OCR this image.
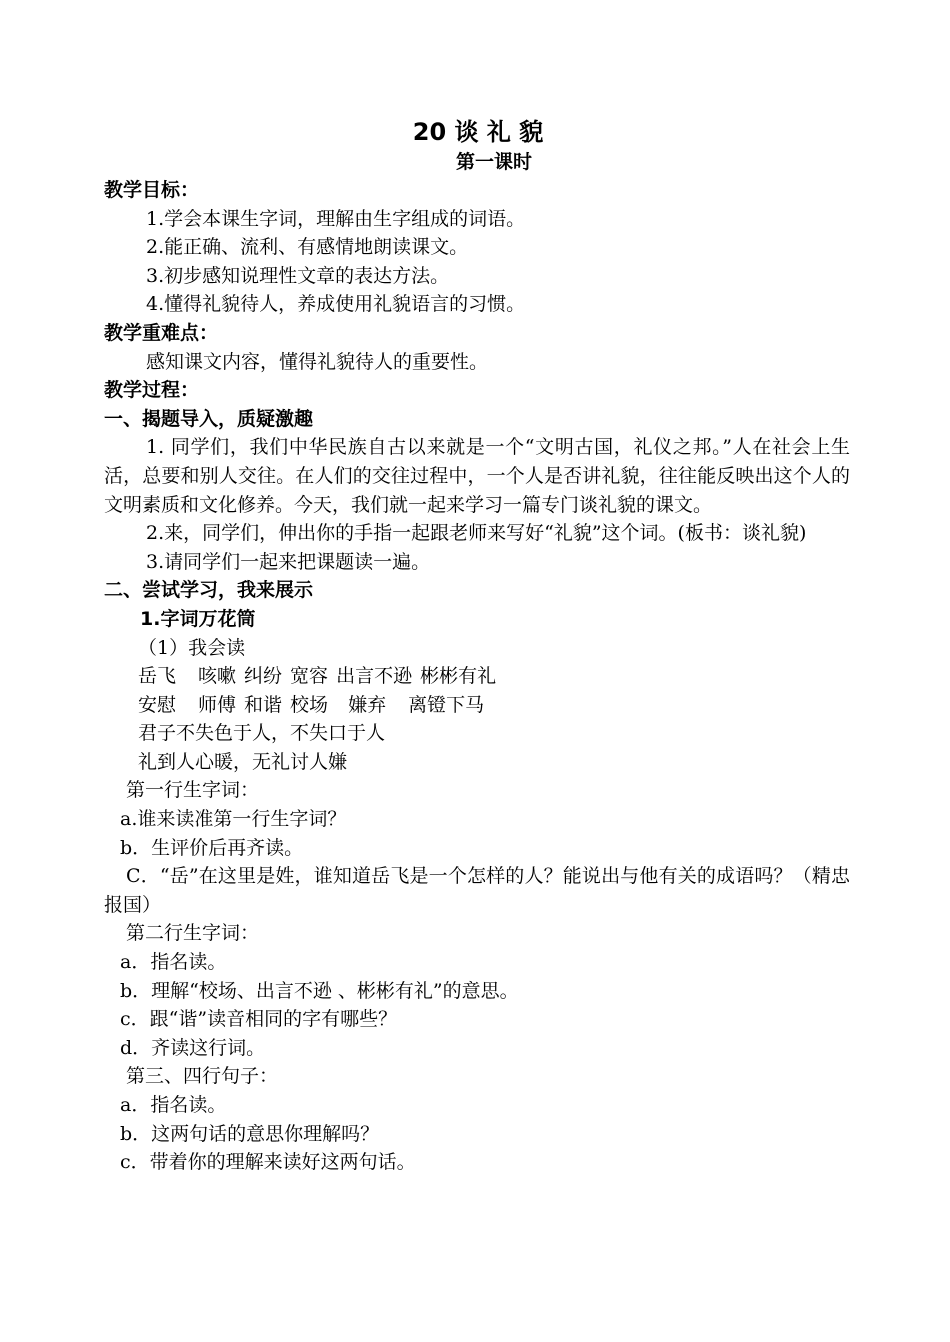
20 谈 礼 貌
第一课时
教学目标：
1.学会本课生字词，理解由生字组成的词语。
2.能正确、流利、有感情地朗读课文。
3.初步感知说理性文章的表达方法。
4.懂得礼貌待人，养成使用礼貌语言的习惯。
教学重难点：
感知课文内容，懂得礼貌待人的重要性。
教学过程：
一、揭题导入，质疑激趣
1. 同学们，我们中华民族自古以来就是一个“文明古国，礼仪之邦。”人在社会上生活，总要和别人交往。在人们的交往过程中，一个人是否讲礼貌，往往能反映出这个人的文明素质和文化修养。今天，我们就一起来学习一篇专门谈礼貌的课文。
2.来，同学们，伸出你的手指一起跟老师来写好“礼貌”这个词。(板书：谈礼貌)
3.请同学们一起来把课题读一遍。
二、尝试学习，我来展示
1.字词万花筒
（1）我会读
岳飞 咳嗽 纠纷 宽容 出言不逊 彬彬有礼
安慰 师傅 和谐 校场 嫌弃 离镫下马
君子不失色于人，不失口于人
礼到人心暖，无礼讨人嫌
第一行生字词：
a.谁来读准第一行生字词？
b．生评价后再齐读。
C．“岳”在这里是姓，谁知道岳飞是一个怎样的人？能说出与他有关的成语吗？（精忠报国）
第二行生字词：
a．指名读。
b．理解“校场、出言不逊 、彬彬有礼”的意思。
c．跟“谐”读音相同的字有哪些？
d．齐读这行词。
第三、四行句子：
a．指名读。
b．这两句话的意思你理解吗？
c．带着你的理解来读好这两句话。
